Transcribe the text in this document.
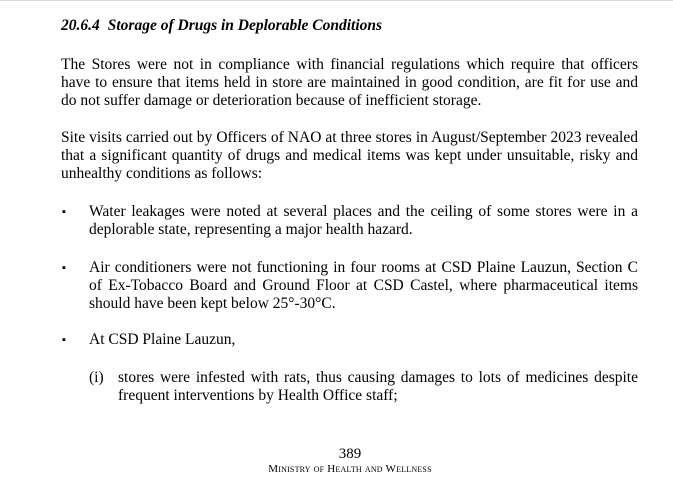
20.6.4 Storage of Drugs in Deplorable Conditions

The Stores were not in compliance with financial regulations which require that officers have to ensure that items held in store are maintained in good condition, are fit for use and do not suffer damage or deterioration because of inefficient storage.

Site visits carried out by Officers of NAO at three stores in August/September 2023 revealed that a significant quantity of drugs and medical items was kept under unsuitable, risky and unhealthy conditions as follows:

▪ Water leakages were noted at several places and the ceiling of some stores were in a deplorable state, representing a major health hazard.

▪ Air conditioners were not functioning in four rooms at CSD Plaine Lauzun, Section C of Ex-Tobacco Board and Ground Floor at CSD Castel, where pharmaceutical items should have been kept below 25°-30°C.

▪ At CSD Plaine Lauzun,

(i) stores were infested with rats, thus causing damages to lots of medicines despite frequent interventions by Health Office staff;

389
Ministry of Health and Wellness
